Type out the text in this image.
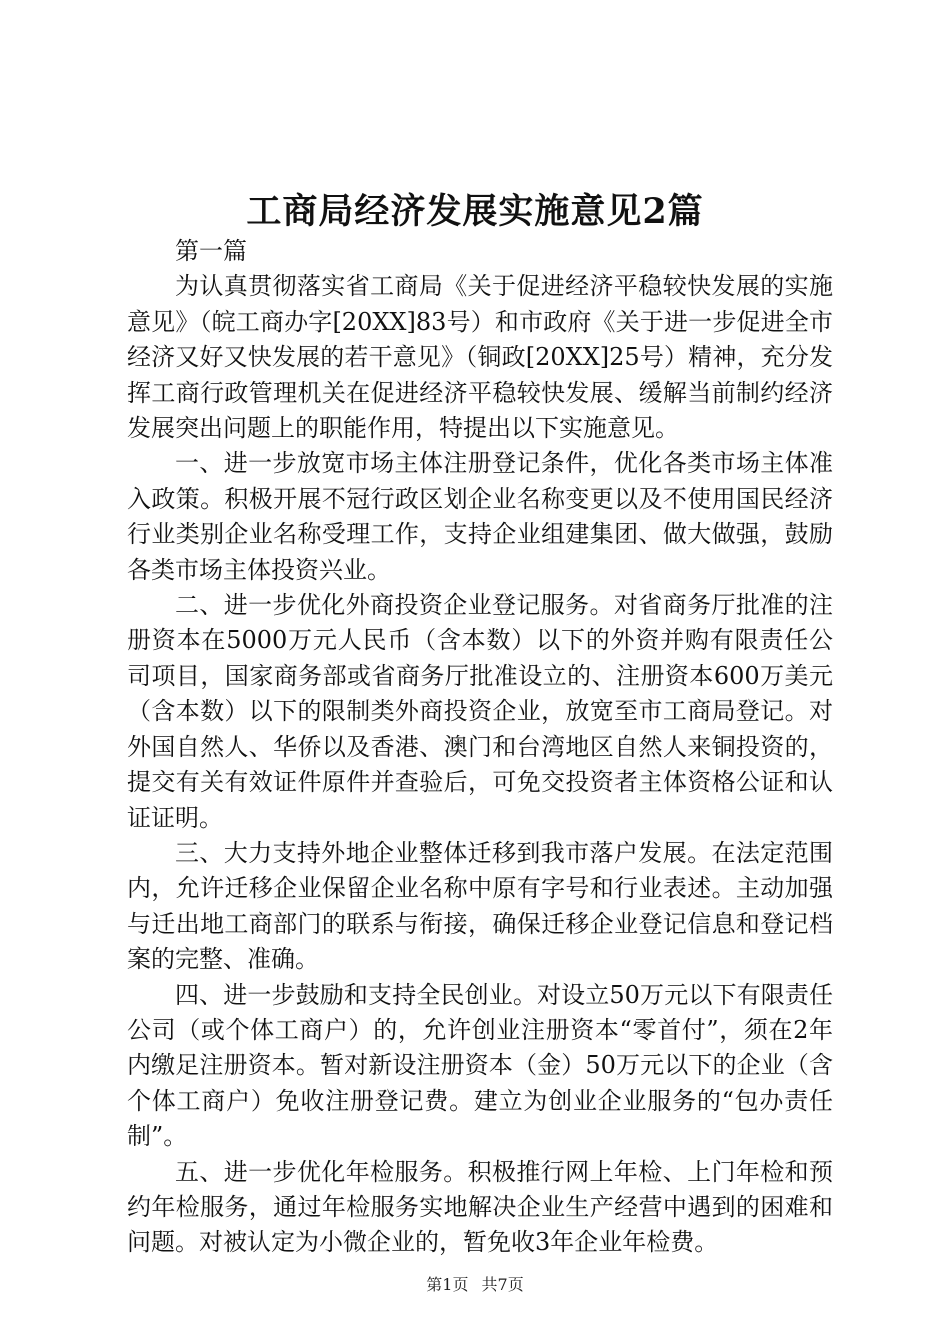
工商局经济发展实施意见2篇

第一篇

为认真贯彻落实省工商局《关于促进经济平稳较快发展的实施意见》（皖工商办字[20XX]83号）和市政府《关于进一步促进全市经济又好又快发展的若干意见》（铜政[20XX]25号）精神，充分发挥工商行政管理机关在促进经济平稳较快发展、缓解当前制约经济发展突出问题上的职能作用，特提出以下实施意见。

一、进一步放宽市场主体注册登记条件，优化各类市场主体准入政策。积极开展不冠行政区划企业名称变更以及不使用国民经济行业类别企业名称受理工作，支持企业组建集团、做大做强，鼓励各类市场主体投资兴业。

二、进一步优化外商投资企业登记服务。对省商务厅批准的注册资本在5000万元人民币（含本数）以下的外资并购有限责任公司项目，国家商务部或省商务厅批准设立的、注册资本600万美元（含本数）以下的限制类外商投资企业，放宽至市工商局登记。对外国自然人、华侨以及香港、澳门和台湾地区自然人来铜投资的，提交有关有效证件原件并查验后，可免交投资者主体资格公证和认证证明。

三、大力支持外地企业整体迁移到我市落户发展。在法定范围内，允许迁移企业保留企业名称中原有字号和行业表述。主动加强与迁出地工商部门的联系与衔接，确保迁移企业登记信息和登记档案的完整、准确。

四、进一步鼓励和支持全民创业。对设立50万元以下有限责任公司（或个体工商户）的，允许创业注册资本“零首付”，须在2年内缴足注册资本。暂对新设注册资本（金）50万元以下的企业（含个体工商户）免收注册登记费。建立为创业企业服务的“包办责任制”。

五、进一步优化年检服务。积极推行网上年检、上门年检和预约年检服务，通过年检服务实地解决企业生产经营中遇到的困难和问题。对被认定为小微企业的，暂免收3年企业年检费。

第1页 共7页
